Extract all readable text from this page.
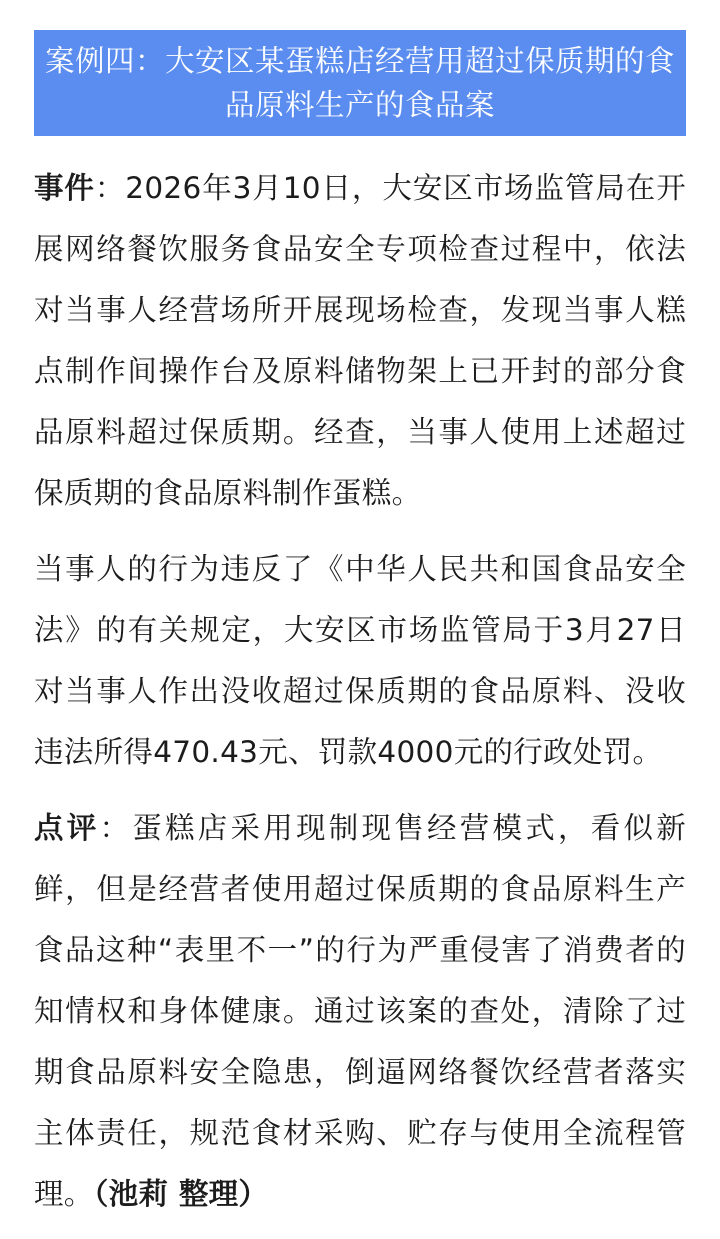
案例四：大安区某蛋糕店经营用超过保质期的食品原料生产的食品案

事件：2026年3月10日，大安区市场监管局在开展网络餐饮服务食品安全专项检查过程中，依法对当事人经营场所开展现场检查，发现当事人糕点制作间操作台及原料储物架上已开封的部分食品原料超过保质期。经查，当事人使用上述超过保质期的食品原料制作蛋糕。

当事人的行为违反了《中华人民共和国食品安全法》的有关规定，大安区市场监管局于3月27日对当事人作出没收超过保质期的食品原料、没收违法所得470.43元、罚款4000元的行政处罚。

点评：蛋糕店采用现制现售经营模式，看似新鲜，但是经营者使用超过保质期的食品原料生产食品这种“表里不一”的行为严重侵害了消费者的知情权和身体健康。通过该案的查处，清除了过期食品原料安全隐患，倒逼网络餐饮经营者落实主体责任，规范食材采购、贮存与使用全流程管理。（池莉 整理）
